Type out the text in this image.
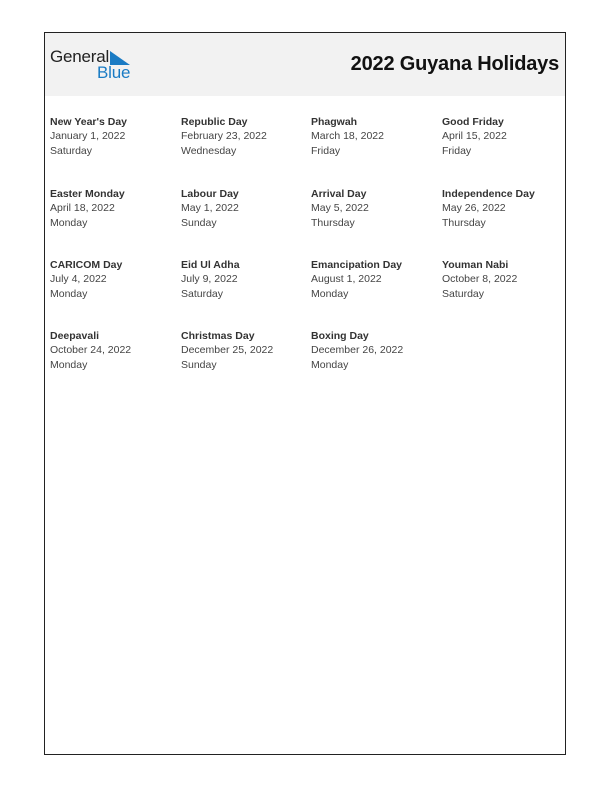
General
Blue	2022 Guyana Holidays
New Year's Day
January 1, 2022
Saturday
Republic Day
February 23, 2022
Wednesday
Phagwah
March 18, 2022
Friday
Good Friday
April 15, 2022
Friday
Easter Monday
April 18, 2022
Monday
Labour Day
May 1, 2022
Sunday
Arrival Day
May 5, 2022
Thursday
Independence Day
May 26, 2022
Thursday
CARICOM Day
July 4, 2022
Monday
Eid Ul Adha
July 9, 2022
Saturday
Emancipation Day
August 1, 2022
Monday
Youman Nabi
October 8, 2022
Saturday
Deepavali
October 24, 2022
Monday
Christmas Day
December 25, 2022
Sunday
Boxing Day
December 26, 2022
Monday
